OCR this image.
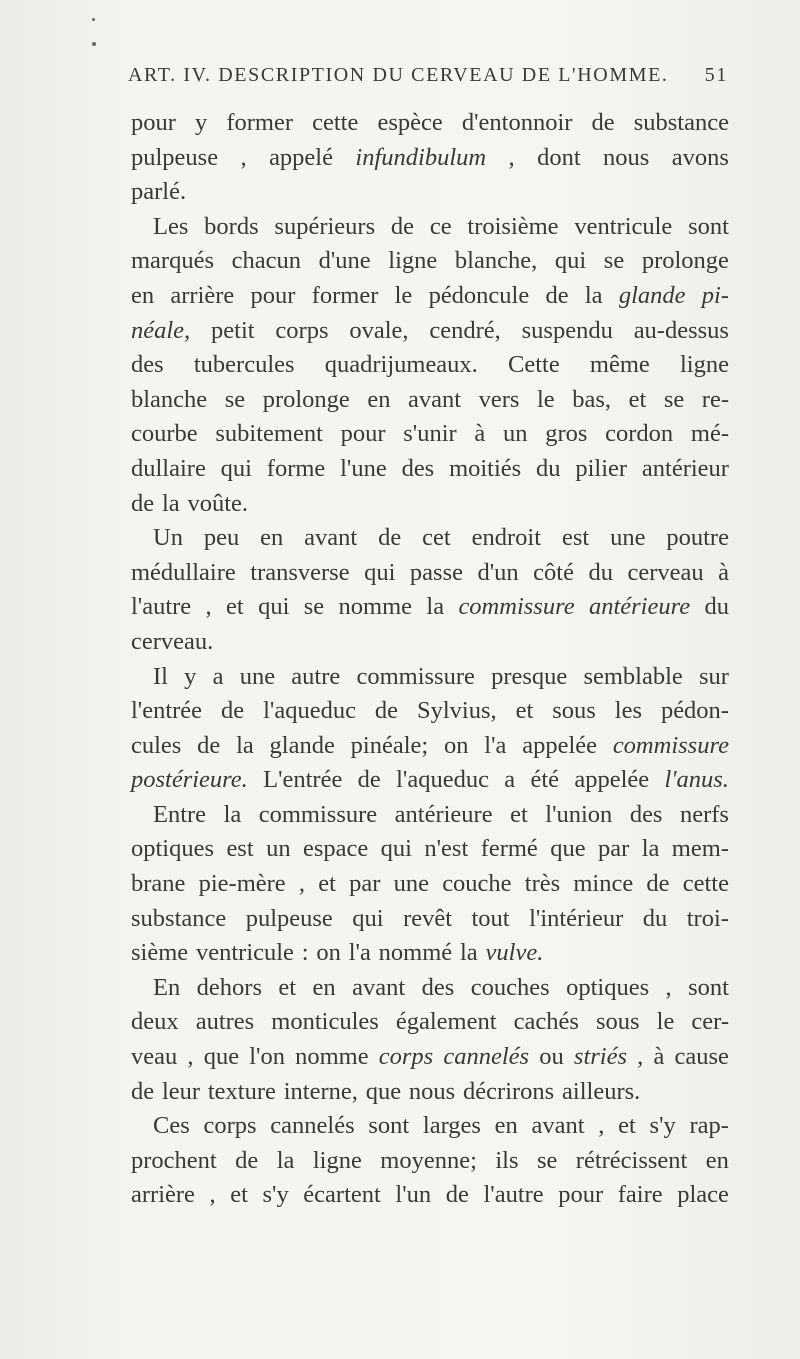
ART. IV. DESCRIPTION DU CERVEAU DE L'HOMME. 51
pour y former cette espèce d'entonnoir de substance
pulpeuse , appelé infundibulum , dont nous avons
parlé.
Les bords supérieurs de ce troisième ventricule sont
marqués chacun d'une ligne blanche, qui se prolonge
en arrière pour former le pédoncule de la glande pi-
néale, petit corps ovale, cendré, suspendu au-dessus
des tubercules quadrijumeaux. Cette même ligne
blanche se prolonge en avant vers le bas, et se re-
courbe subitement pour s'unir à un gros cordon mé-
dullaire qui forme l'une des moitiés du pilier antérieur
de la voûte.
Un peu en avant de cet endroit est une poutre
médullaire transverse qui passe d'un côté du cerveau à
l'autre , et qui se nomme la commissure antérieure du
cerveau.
Il y a une autre commissure presque semblable sur
l'entrée de l'aqueduc de Sylvius, et sous les pédon-
cules de la glande pinéale; on l'a appelée commissure
postérieure. L'entrée de l'aqueduc a été appelée l'anus.
Entre la commissure antérieure et l'union des nerfs
optiques est un espace qui n'est fermé que par la mem-
brane pie-mère , et par une couche très mince de cette
substance pulpeuse qui revêt tout l'intérieur du troi-
sième ventricule : on l'a nommé la vulve.
En dehors et en avant des couches optiques , sont
deux autres monticules également cachés sous le cer-
veau , que l'on nomme corps cannelés ou striés , à cause
de leur texture interne, que nous décrirons ailleurs.
Ces corps cannelés sont larges en avant , et s'y rap-
prochent de la ligne moyenne; ils se rétrécissent en
arrière , et s'y écartent l'un de l'autre pour faire place
